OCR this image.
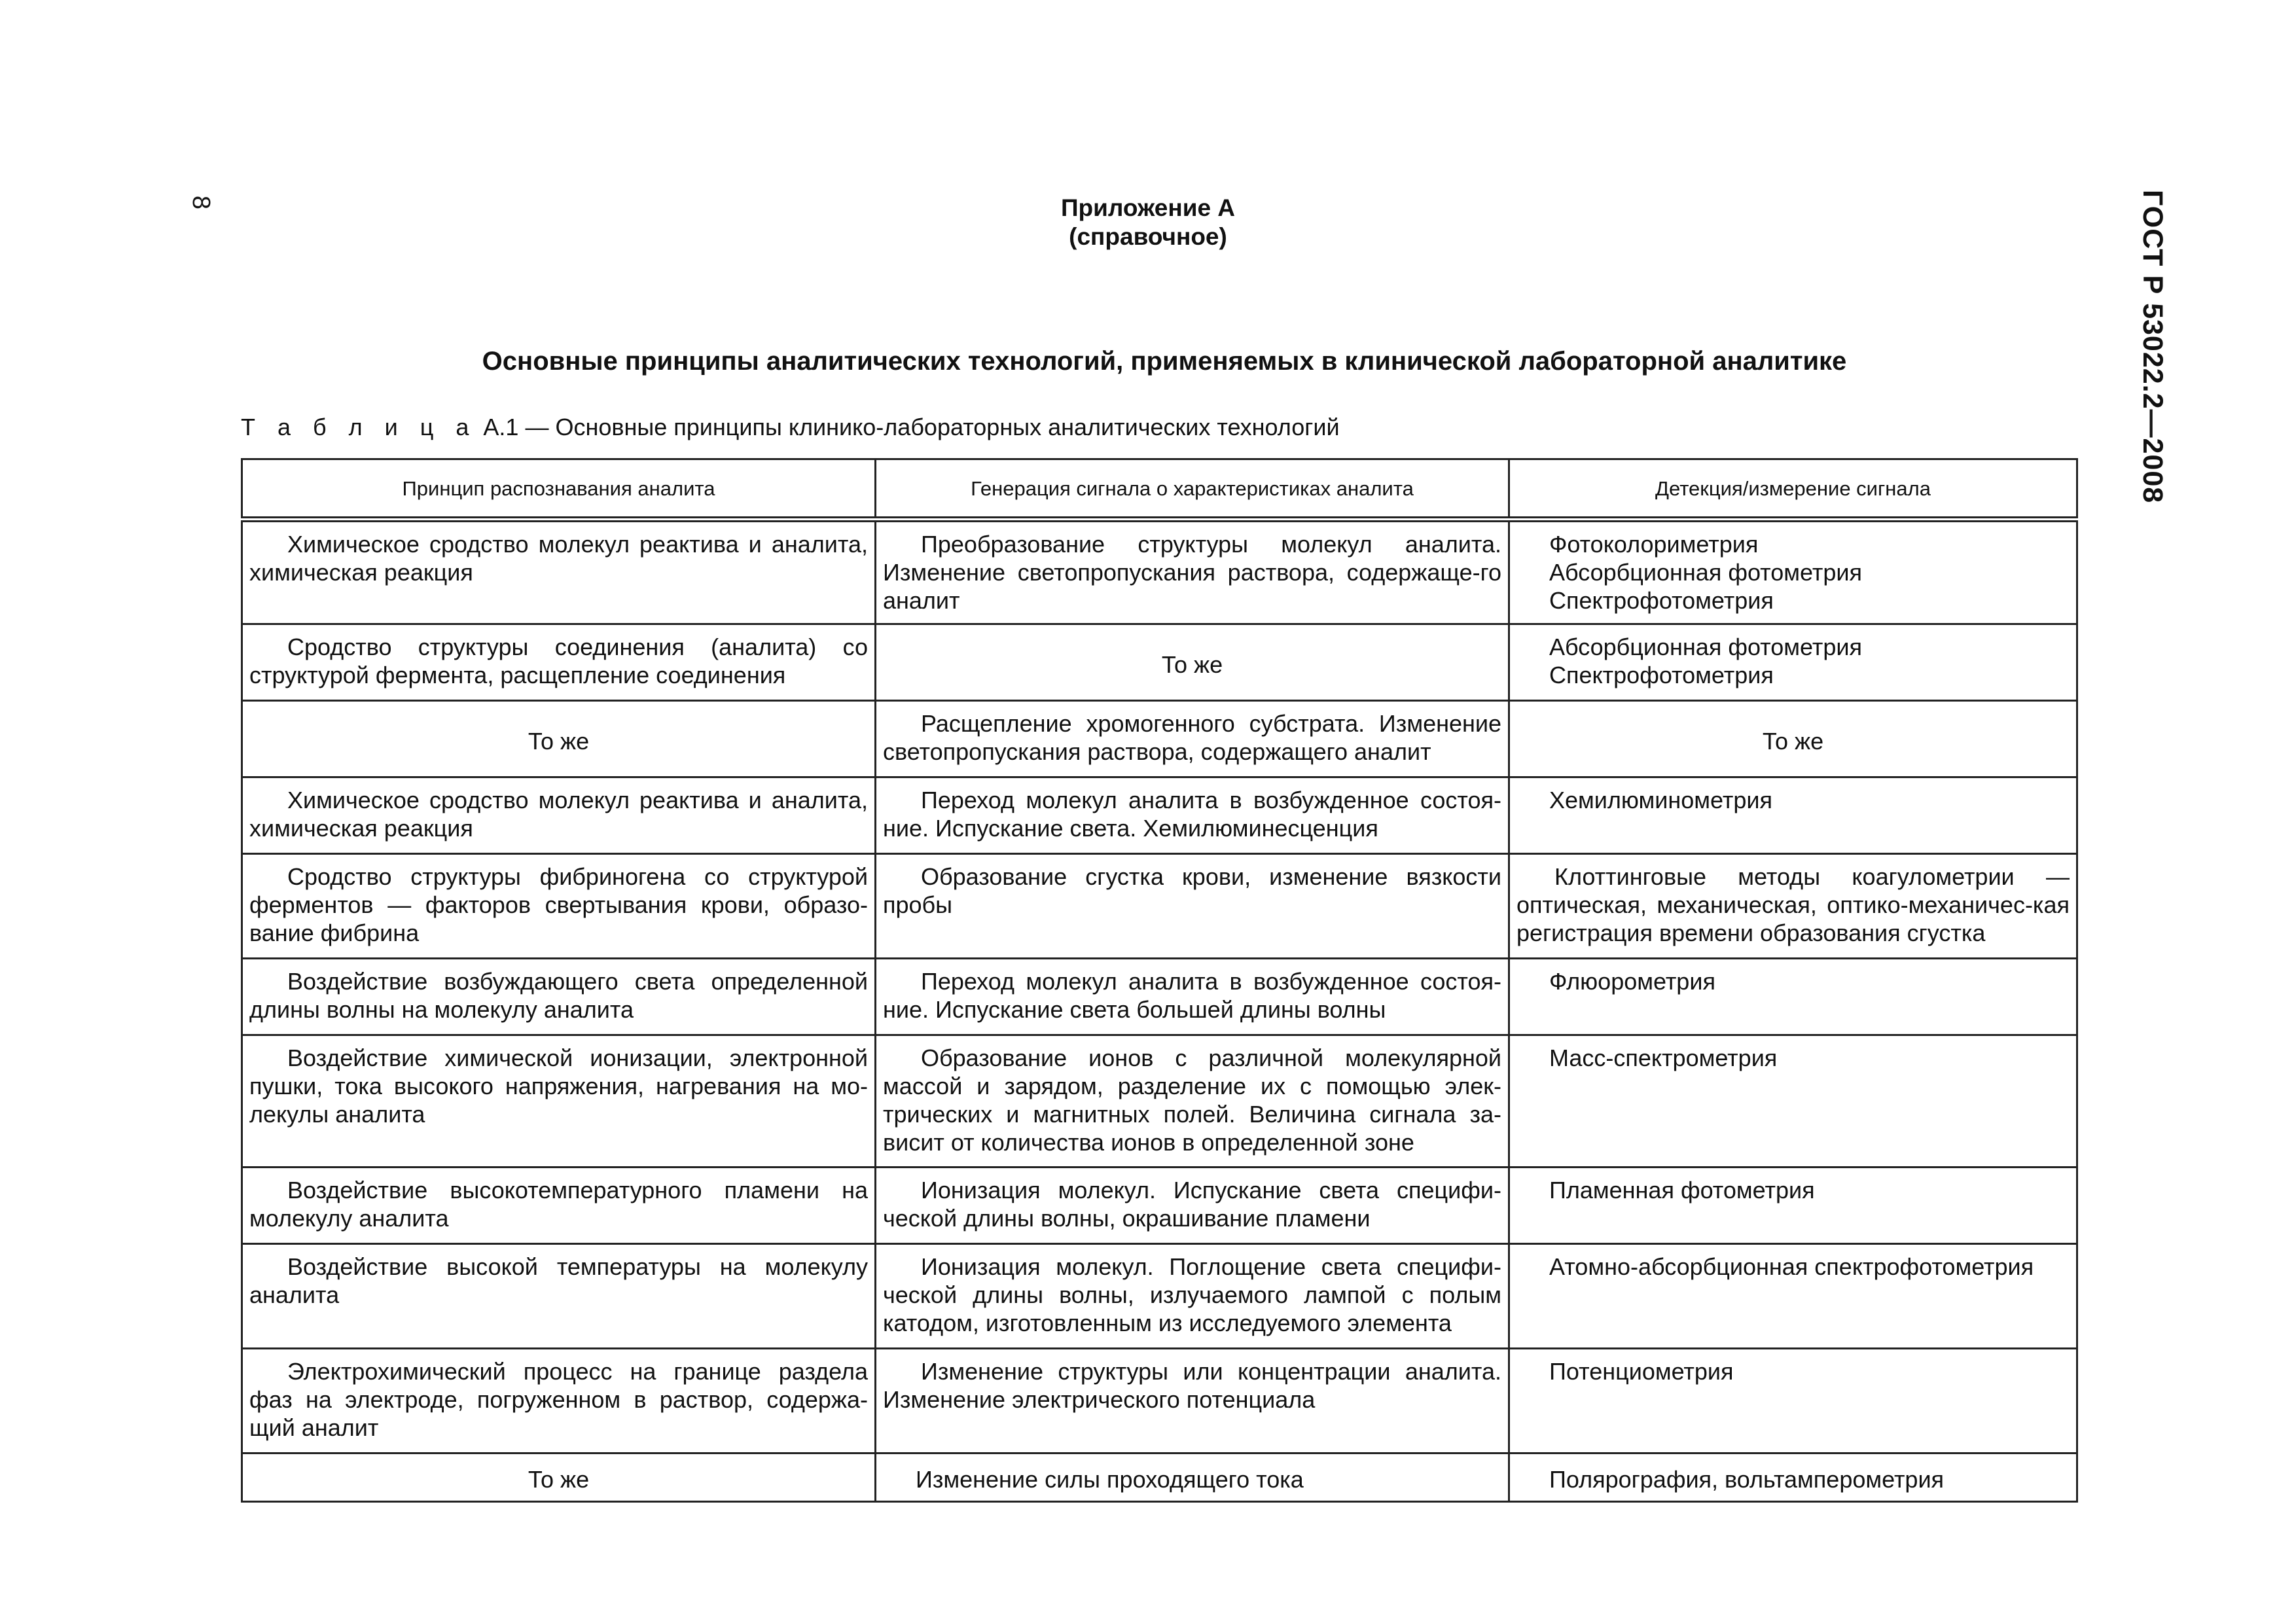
8	ГОСТ Р 53022.2—2008
Приложение А
(справочное)
Основные принципы аналитических технологий, применяемых в клинической лабораторной аналитике
Т а б л и ц а А.1 — Основные принципы клинико-лабораторных аналитических технологий
Принцип распознавания аналита	Генерация сигнала о характеристиках аналита	Детекция/измерение сигнала
Химическое сродство молекул реактива и аналита, химическая реакция	Преобразование структуры молекул аналита. Изменение светопропускания раствора, содержаще-го аналит	Фотоколориметрия
Абсорбционная фотометрия
Спектрофотометрия

Сродство структуры соединения (аналита) со структурой фермента, расщепление соединения	То же	Абсорбционная фотометрия
Спектрофотометрия

То же	Расщепление хромогенного субстрата. Изменение светопропускания раствора, содержащего аналит	То же
Химическое сродство молекул реактива и аналита, химическая реакция	Переход молекул аналита в возбужденное состоя-ние. Испускание света. Хемилюминесценция	Хемилюминометрия
Сродство структуры фибриногена со структурой ферментов — факторов свертывания крови, образо-вание фибрина	Образование сгустка крови, изменение вязкости пробы	Клоттинговые методы коагулометрии — оптическая, механическая, оптико-механичес-кая регистрация времени образования сгустка
Воздействие возбуждающего света определенной длины волны на молекулу аналита	Переход молекул аналита в возбужденное состоя-ние. Испускание света большей длины волны	Флюорометрия
Воздействие химической ионизации, электронной пушки, тока высокого напряжения, нагревания на мо-лекулы аналита	Образование ионов с различной молекулярной массой и зарядом, разделение их с помощью элек-трических и магнитных полей. Величина сигнала за-висит от количества ионов в определенной зоне	Масс-спектрометрия
Воздействие высокотемпературного пламени на молекулу аналита	Ионизация молекул. Испускание света специфи-ческой длины волны, окрашивание пламени	Пламенная фотометрия
Воздействие высокой температуры на молекулу аналита	Ионизация молекул. Поглощение света специфи-ческой длины волны, излучаемого лампой с полым катодом, изготовленным из исследуемого элемента	Атомно-абсорбционная спектрофотометрия
Электрохимический процесс на границе раздела фаз на электроде, погруженном в раствор, содержа-щий аналит	Изменение структуры или концентрации аналита. Изменение электрического потенциала	Потенциометрия
То же	Изменение силы проходящего тока	Полярография, вольтамперометрия
